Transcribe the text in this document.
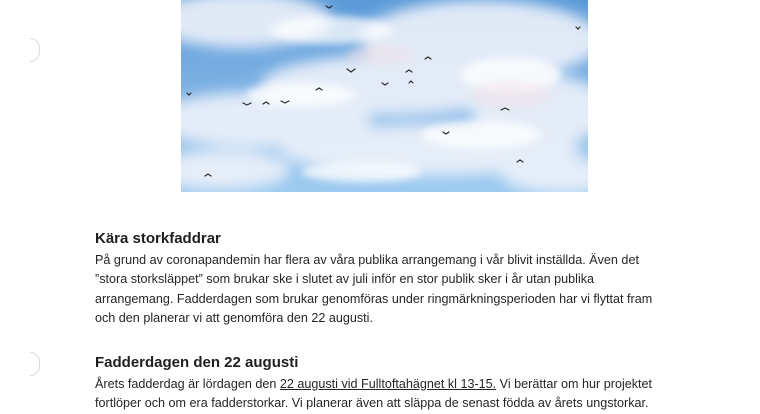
Kära storkfaddrar

På grund av coronapandemin har flera av våra publika arrangemang i vår blivit inställda. Även det
”stora storksläppet” som brukar ske i slutet av juli inför en stor publik sker i år utan publika
arrangemang. Fadderdagen som brukar genomföras under ringmärkningsperioden har vi flyttat fram
och den planerar vi att genomföra den 22 augusti.

Fadderdagen den 22 augusti

Årets fadderdag är lördagen den 22 augusti vid Fulltoftahägnet kl 13-15. Vi berättar om hur projektet
fortlöper och om era fadderstorkar. Vi planerar även att släppa de senast födda av årets ungstorkar.
